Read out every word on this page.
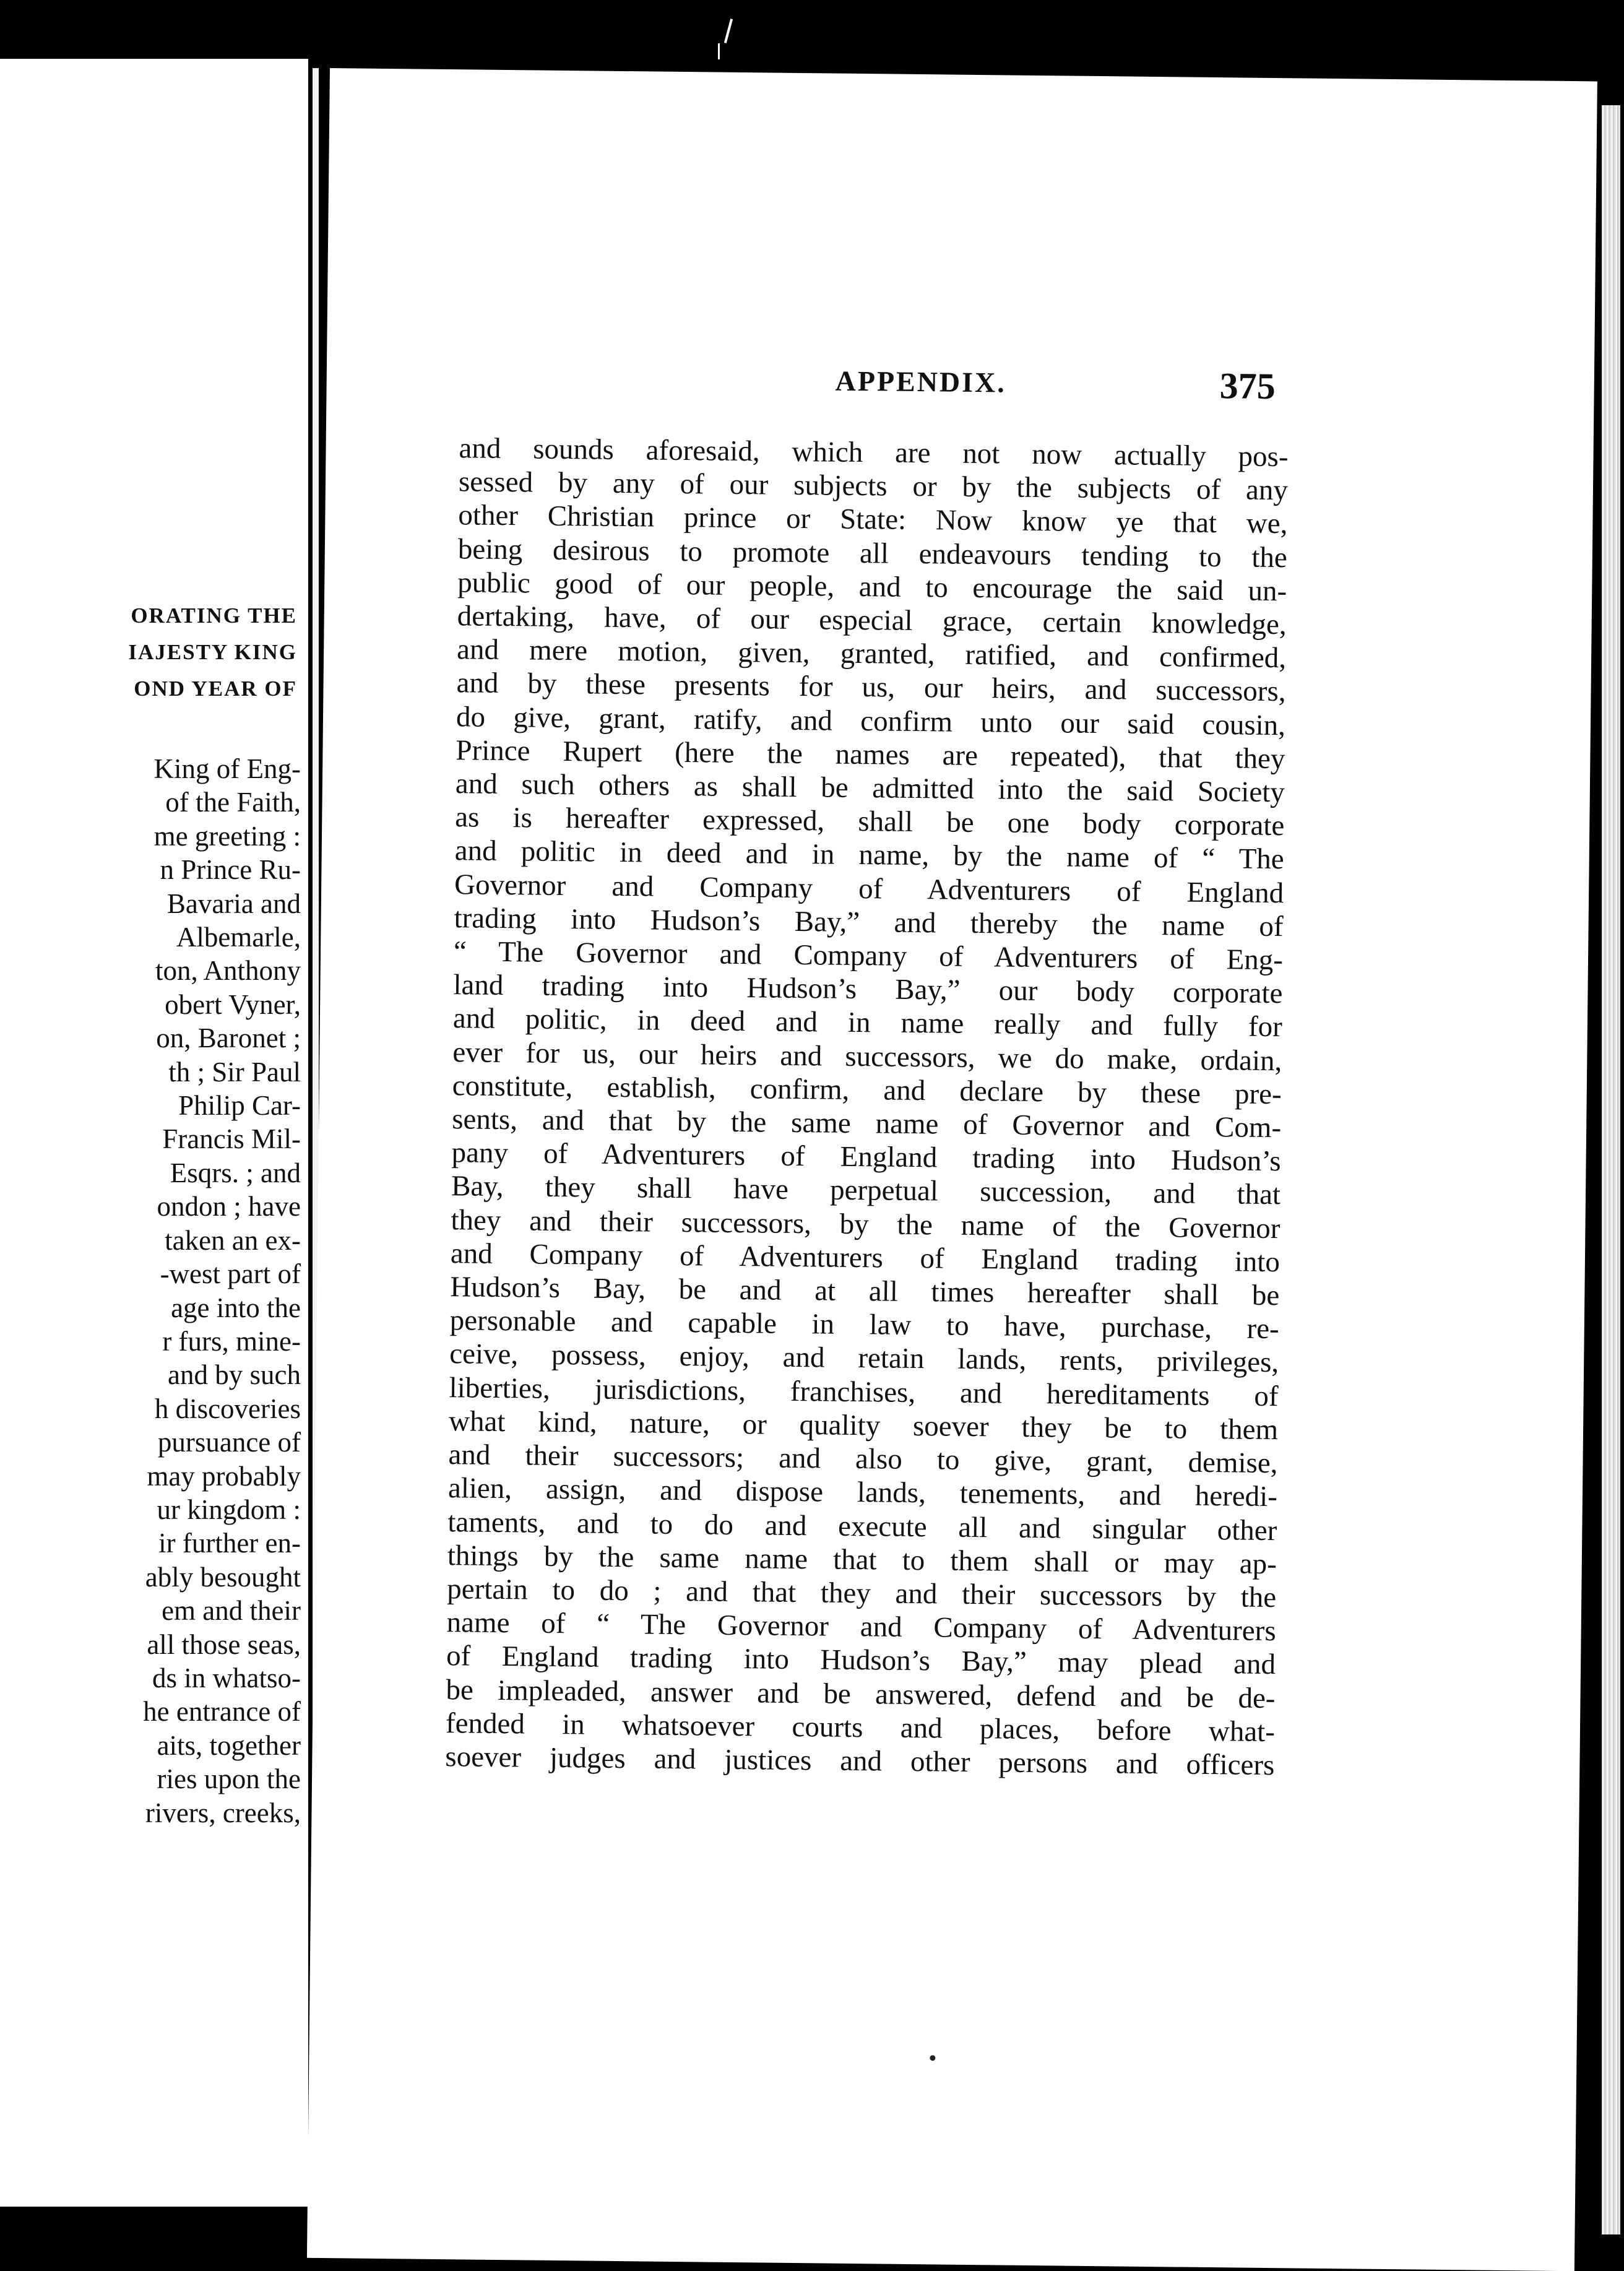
ORATING THE
IAJESTY KING
OND YEAR OF
King of Eng-
of the Faith,
me greeting :
n Prince Ru-
Bavaria and
Albemarle,
ton, Anthony
obert Vyner,
on, Baronet ;
th ; Sir Paul
Philip Car-
Francis Mil-
Esqrs. ; and
ondon ; have
taken an ex-
-west part of
age into the
r furs, mine-
and by such
h discoveries
pursuance of
may probably
ur kingdom :
ir further en-
ably besought
em and their
all those seas,
ds in whatso-
he entrance of
aits, together
ries upon the
rivers, creeks,
APPENDIX.	375
and sounds aforesaid, which are not now actually pos-
sessed by any of our subjects or by the subjects of any
other Christian prince or State: Now know ye that we,
being desirous to promote all endeavours tending to the
public good of our people, and to encourage the said un-
dertaking, have, of our especial grace, certain knowledge,
and mere motion, given, granted, ratified, and confirmed,
and by these presents for us, our heirs, and successors,
do give, grant, ratify, and confirm unto our said cousin,
Prince Rupert (here the names are repeated), that they
and such others as shall be admitted into the said Society
as is hereafter expressed, shall be one body corporate
and politic in deed and in name, by the name of “ The
Governor and Company of Adventurers of England
trading into Hudson’s Bay,” and thereby the name of
“ The Governor and Company of Adventurers of Eng-
land trading into Hudson’s Bay,” our body corporate
and politic, in deed and in name really and fully for
ever for us, our heirs and successors, we do make, ordain,
constitute, establish, confirm, and declare by these pre-
sents, and that by the same name of Governor and Com-
pany of Adventurers of England trading into Hudson’s
Bay, they shall have perpetual succession, and that
they and their successors, by the name of the Governor
and Company of Adventurers of England trading into
Hudson’s Bay, be and at all times hereafter shall be
personable and capable in law to have, purchase, re-
ceive, possess, enjoy, and retain lands, rents, privileges,
liberties, jurisdictions, franchises, and hereditaments of
what kind, nature, or quality soever they be to them
and their successors; and also to give, grant, demise,
alien, assign, and dispose lands, tenements, and heredi-
taments, and to do and execute all and singular other
things by the same name that to them shall or may ap-
pertain to do ; and that they and their successors by the
name of “ The Governor and Company of Adventurers
of England trading into Hudson’s Bay,” may plead and
be impleaded, answer and be answered, defend and be de-
fended in whatsoever courts and places, before what-
soever judges and justices and other persons and officers
